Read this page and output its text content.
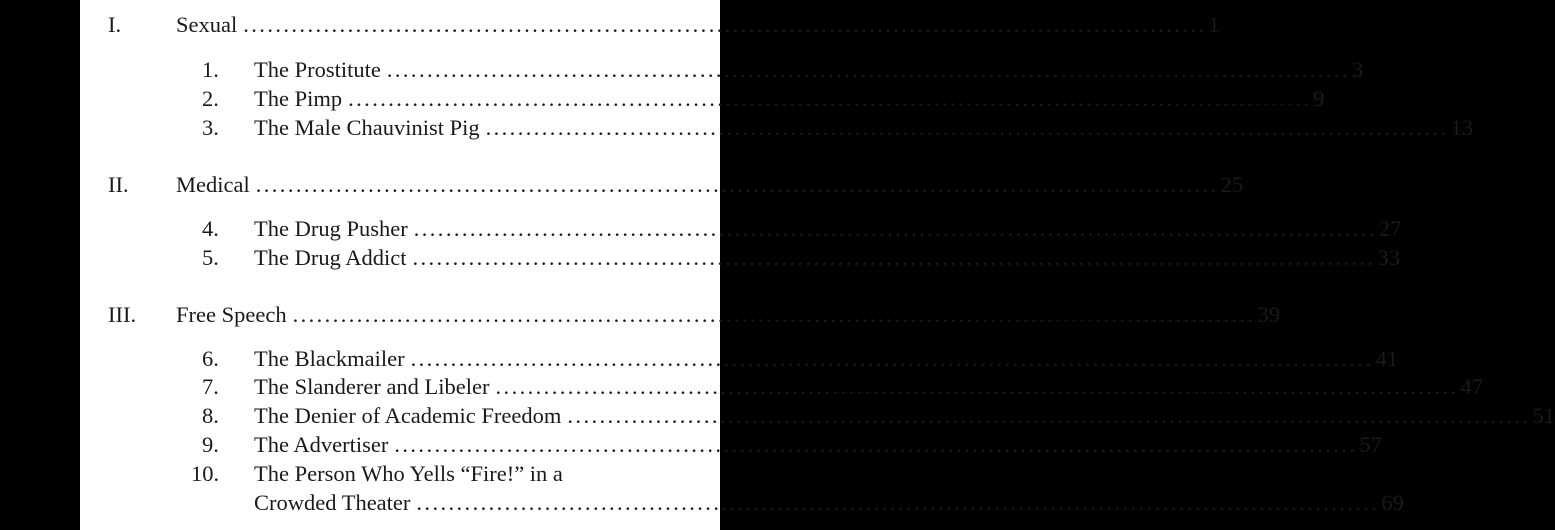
I. Sexual ........................................................................................................................ 1
1. The Prostitute ........................................................................................................................ 3
2. The Pimp ........................................................................................................................ 9
3. The Male Chauvinist Pig ........................................................................................................................ 13
II. Medical ........................................................................................................................ 25
4. The Drug Pusher ........................................................................................................................ 27
5. The Drug Addict ........................................................................................................................ 33
III. Free Speech ........................................................................................................................ 39
6. The Blackmailer ........................................................................................................................ 41
7. The Slanderer and Libeler ........................................................................................................................ 47
8. The Denier of Academic Freedom ........................................................................................................................ 51
9. The Advertiser ........................................................................................................................ 57
10. The Person Who Yells “Fire!” in a
Crowded Theater ........................................................................................................................ 69
